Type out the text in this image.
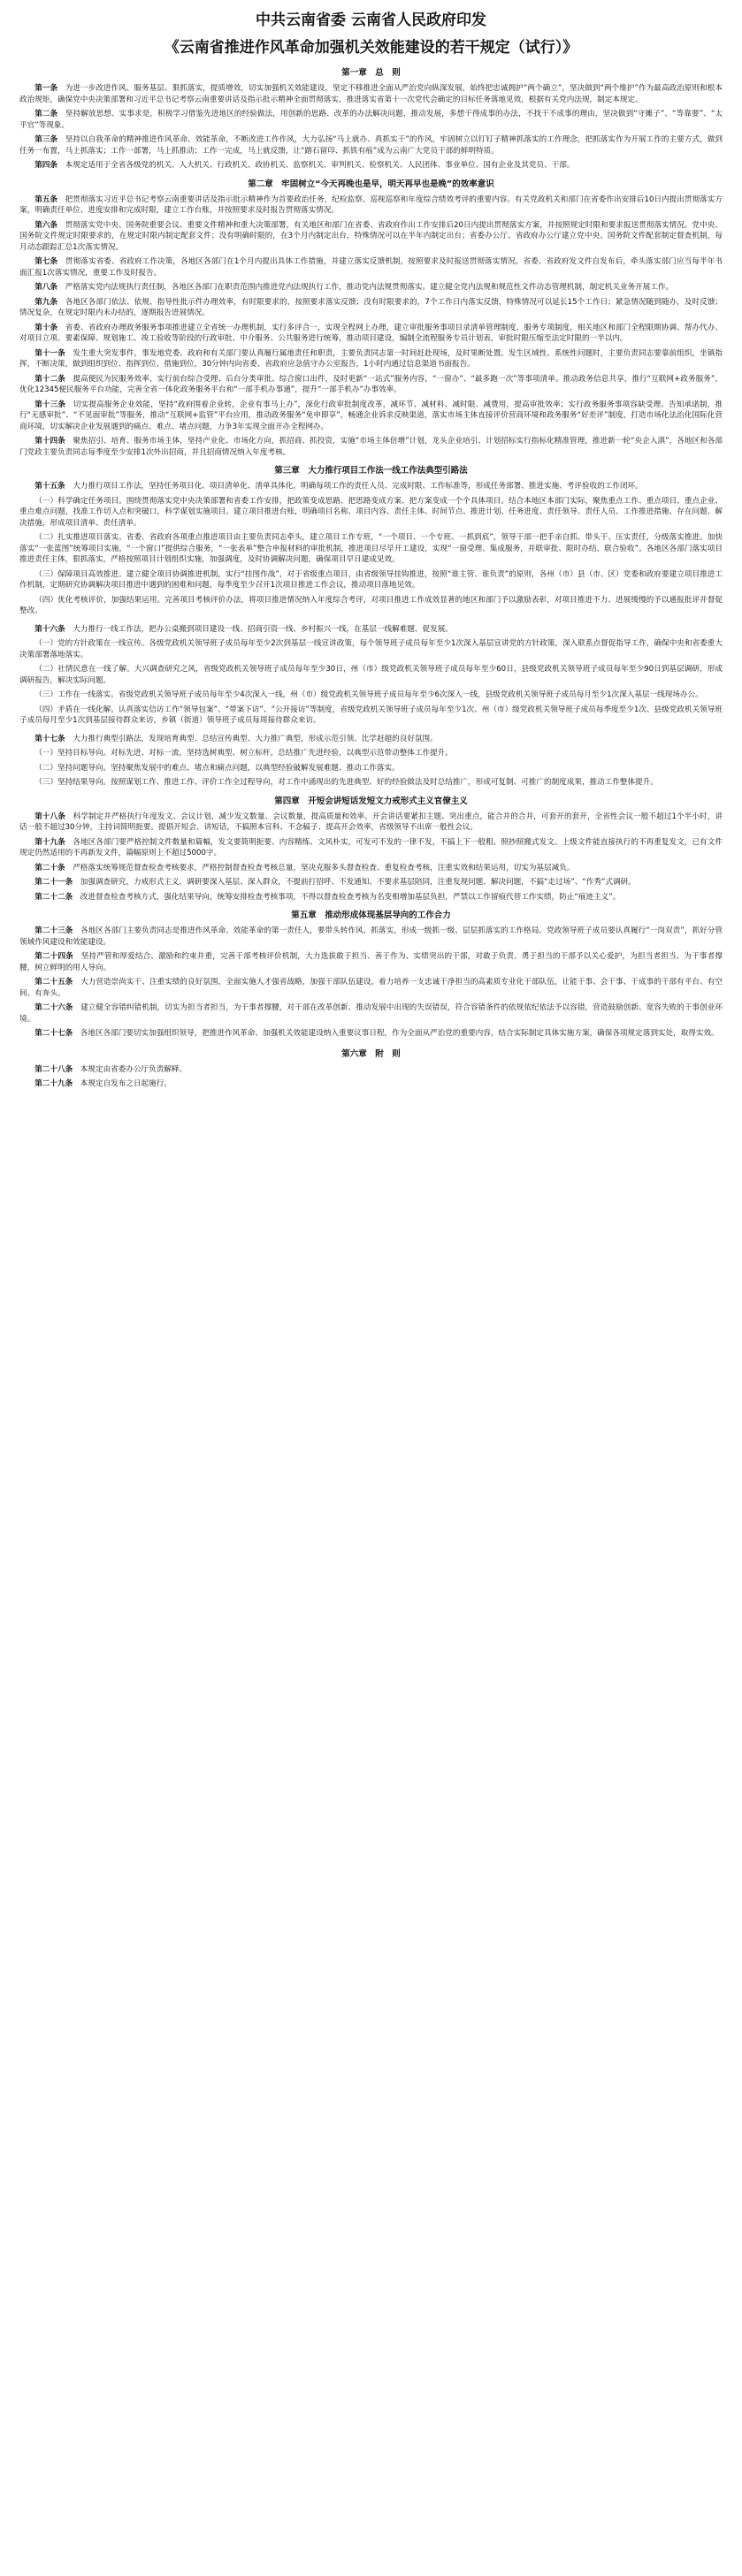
中共云南省委 云南省人民政府印发
《云南省推进作风革命加强机关效能建设的若干规定（试行）》
第一章　总　则

第一条　 为进一步改进作风、服务基层、狠抓落实，提质增效，切实加强机关效能建设，坚定不移推进全面从严治党向纵深发展，始终把忠诚拥护“两个确立”，坚决做到“两个维护”作为最高政治原则和根本政治规矩，确保党中央决策部署和习近平总书记考察云南重要讲话及指示批示精神全面贯彻落实，推进落实省第十一次党代会确定的目标任务落地见效，根据有关党内法规，制定本规定。

第二条　 坚持解放思想、实事求是，积极学习借鉴先进地区的经验做法，用创新的思路、改革的办法解决问题，推动发展，多想干得成事的办法，不找干不成事的理由，坚决做到“守摊子”、“等靠要”、“太平官”等现象。

第三条　 坚持以自我革命的精神推进作风革命、效能革命，不断改进工作作风，大力弘扬“马上就办、真抓实干”的作风，牢固树立以钉钉子精神抓落实的工作理念，把抓落实作为开展工作的主要方式，做到任务一布置，马上抓落实；工作一部署，马上抓推动；工作一完成，马上就反馈，让“踏石留印、抓铁有痕”成为云南广大党员干部的鲜明特质。

第四条　 本规定适用于全省各级党的机关、人大机关、行政机关、政协机关、监察机关、审判机关、检察机关、人民团体、事业单位、国有企业及其党员、干部。

第二章　牢固树立“今天再晚也是早，明天再早也是晚”的效率意识

第五条　 把贯彻落实习近平总书记考察云南重要讲话及指示批示精神作为首要政治任务，纪检监察、巡视巡察和年度综合绩效考评的重要内容。有关党政机关和部门在省委作出安排后10日内提出贯彻落实方案，明确责任单位、进度安排和完成时限，建立工作台账，并按照要求及时报告贯彻落实情况。

第六条　 贯彻落实党中央、国务院重要会议、重要文件精神和重大决策部署，有关地区和部门在省委、省政府作出工作安排后20日内提出贯彻落实方案，并按照规定时限和要求报送贯彻落实情况。党中央、国务院文件规定时限要求的，在规定时限内制定配套文件；没有明确时限的，在3个月内制定出台，特殊情况可以在半年内制定出台；省委办公厅、省政府办公厅建立党中央、国务院文件配套制定督查机制，每月动态跟踪汇总1次落实情况。

第七条　 贯彻落实省委、省政府工作决策，各地区各部门在1个月内提出具体工作措施，并建立落实反馈机制，按照要求及时报送贯彻落实情况。省委、省政府发文件自发布后，牵头落实部门应当每半年书面汇报1次落实情况，重要工作及时报告。

第八条　 严格落实党内法规执行责任制，各地区各部门在职责范围内推进党内法规执行工作，推动党内法规贯彻落实。建立健全党内法规和规范性文件动态管理机制，制定机关业务开展工作。

第九条　 各地区各部门依法、依规、指导性批示件办理效率，有时限要求的，按照要求落实反馈；没有时限要求的，7个工作日内落实反馈，特殊情况可以延长15个工作日；紧急情况随到随办，及时反馈；情况复杂，在规定时限内未办结的，逐期报告进展情况。

第十条　 省委、省政府办理政务服务事项推进建立全省统一办理机制，实行多评合一，实现全程网上办理，建立审批服务事项目录清单管理制度，服务专项制度，相关地区和部门全程限期协调、帮办代办、对项目立项、要素保障、规划施工、竣工验收等阶段的行政审批、中介服务、公共服务进行统筹，推动项目建设，编制全流程服务专员计划表，审批时限压缩至法定时限的一半以内。

第十一条　 发生重大突发事件，事发地党委、政府和有关部门要认真履行属地责任和职责，主要负责同志第一时间赶赴现场，及时果断处置。发生区域性、系统性问题时，主要负责同志要靠前组织，坐镇指挥，不断决策，做到组织到位、指挥到位、措施到位，30分钟内向省委、省政府应急值守办公室报告，1小时内通过信息渠道书面报告。

第十二条　 提高便民为民服务效率，实行前台综合受理、后台分类审批、综合窗口出件，及时更新“一站式”服务内容，“一窗办”、“最多跑一次”等事项清单。推动政务信息共享，推行“互联网+政务服务”，优化12345便民服务平台功能，完善全省一体化政务服务平台和“一部手机办事通”，提升“一部手机办”办事效率。

第十三条　 切实提高服务企业效能，坚持“政府围着企业转，企业有事马上办”，深化行政审批制度改革，减环节、减材料、减时限、减费用，提高审批效率；实行政务服务事项容缺受理、告知承诺制，推行“无感审批”、“不见面审批”等服务，推动“互联网+监管”平台应用，推动政务服务“免申即享”，畅通企业诉求反映渠道，落实市场主体直接评价营商环境和政务服务“好差评”制度，打造市场化法治化国际化营商环境，切实解决企业发展遇到的痛点、难点、堵点问题，力争3年实现全面开办全程网办。

第十四条　 聚焦招引、培育、服务市场主体，坚持产业化、市场化方向，抓招商、抓投资，实施“市场主体倍增”计划，龙头企业培引、计划招标实行指标化精准管理，推进新一轮“央企入滇”，各地区和各部门党政主要负责同志每季度至少安排1次外出招商，并且招商情况纳入年度考核。

第三章　大力推行项目工作法一线工作法典型引路法

第十五条　 大力推行项目工作法，坚持任务项目化、项目清单化、清单具体化，明确每项工作的责任人员、完成时限、工作标准等，形成任务部署、推进实施、考评验收的工作闭环。

（一）科学确定任务项目。围绕贯彻落实党中央决策部署和省委工作安排，把政策变成思路、把思路变成方案、把方案变成一个个具体项目。结合本地区本部门实际，聚焦重点工作、重点项目、重点企业、重点难点问题，找准工作切入点和突破口，科学谋划实施项目。建立项目推进台账，明确项目名称、项目内容、责任主体、时间节点、推进计划、任务进度、责任领导、责任人员、工作推进措施、存在问题、解决措施，形成项目清单、责任清单。

（二）扎实推进项目落实。省委、省政府各项重点推进项目由主要负责同志牵头，建立项目工作专班，“一个项目、一个专班、一抓到底”，领导干部一把手亲自抓、带头干、压实责任，分级落实推进。加快落实“一张蓝图”统筹项目实施，“一个窗口”提供综合服务，“一张表单”整合申报材料的审批机制，推进项目尽早开工建设，实现“一窗受理、集成服务，并联审批、限时办结、联合验收”。各地区各部门落实项目推进责任主体，狠抓落实，严格按照项目计划组织实施，加强调度，及时协调解决问题，确保项目早日建成见效。

（三）保障项目高效推进。建立健全项目协调推进机制，实行“挂图作战”，对于省级重点项目，由省级领导挂钩推进，按照“谁主管、谁负责”的原则，各州（市）县（市、区）党委和政府要建立项目推进工作机制，定期研究协调解决项目推进中遇到的困难和问题，每季度至少召开1次项目推进工作会议，推动项目落地见效。

（四）优化考核评价，加强结果运用。完善项目考核评价办法，将项目推进情况纳入年度综合考评，对项目推进工作成效显著的地区和部门予以激励表彰，对项目推进不力、进展缓慢的予以通报批评并督促整改。

第十六条　 大力推行一线工作法，把办公桌搬到项目建设一线、招商引资一线、乡村振兴一线，在基层一线解难题、促发展。

（一）党的方针政策在一线宣传。各级党政机关领导班子成员每年至少2次到基层一线宣讲政策，每个领导班子成员每年至少1次深入基层宣讲党的方针政策，深入联系点督促指导工作，确保中央和省委重大决策部署落地落实。

（二）社情民意在一线了解。大兴调查研究之风，省级党政机关领导班子成员每年至少30日，州（市）级党政机关领导班子成员每年至少60日，县级党政机关领导班子成员每年至少90日到基层调研，形成调研报告，解决实际问题。

（三）工作在一线落实。省级党政机关领导班子成员每年至少4次深入一线，州（市）级党政机关领导班子成员每年至少6次深入一线，县级党政机关领导班子成员每月至少1次深入基层一线现场办公。

（四）矛盾在一线化解。认真落实信访工作“领导包案”、“带案下访”、“公开接访”等制度，省级党政机关领导班子成员每年至少1次、州（市）级党政机关领导班子成员每季度至少1次、县级党政机关领导班子成员每月至少1次到基层接待群众来访，乡镇（街道）领导班子成员每周接待群众来访。

第十七条　 大力推行典型引路法，发现培育典型、总结宣传典型、大力推广典型，形成示范引领、比学赶超的良好氛围。

（一）坚持目标导向。对标先进、对标一流，坚持选树典型、树立标杆，总结推广先进经验，以典型示范带动整体工作提升。

（二）坚持问题导向。坚持聚焦发展中的难点、堵点和痛点问题，以典型经验破解发展难题、推动工作落实。

（三）坚持结果导向。按照谋划工作、推进工作、评价工作全过程导向，对工作中涌现出的先进典型、好的经验做法及时总结推广，形成可复制、可推广的制度成果，推动工作整体提升。

第四章　开短会讲短话发短文力戒形式主义官僚主义

第十八条　 科学制定并严格执行年度发文、会议计划，减少发文数量、会议数量，提高质量和效率。开会讲话要紧扣主题、突出重点，能合并的合并，可套开的套开，全省性会议一般不超过1个半小时，讲话一般不超过30分钟，主持词简明扼要。提倡开短会、讲短话，不搞照本宣科、不念稿子、提高开会效率，省级领导不出席一般性会议。

第十九条　 各地区各部门要严格控制文件数量和篇幅，发文要简明扼要、内容精练、文风朴实，可发可不发的一律不发，不搞上下一般粗、照抄照搬式发文。上级文件能直接执行的不再重复发文，已有文件规定仍然适用的不再新发文件，篇幅原则上不超过5000字。

第二十条　 严格落实统筹规范督查检查考核要求，严格控制督查检查考核总量，坚决克服多头督查检查、重复检查考核，注重实效和结果运用，切实为基层减负。

第二十一条　 加强调查研究，力戒形式主义，调研要深入基层、深入群众，不提前打招呼、不发通知、不要求基层陪同，注重发现问题、解决问题，不搞“走过场”、“作秀”式调研。

第二十二条　 改进督查检查考核方式，强化结果导向，统筹安排检查考核事项，不得以督查检查考核为名变相增加基层负担，严禁以工作留痕代替工作实绩，防止“痕迹主义”。

第五章　推动形成体现基层导向的工作合力

第二十三条　 各地区各部门主要负责同志是推进作风革命、效能革命的第一责任人，要带头转作风、抓落实，形成一级抓一级、层层抓落实的工作格局。党政领导班子成员要认真履行“一岗双责”，抓好分管领域作风建设和效能建设。

第二十四条　 坚持严管和厚爱结合、激励和约束并重，完善干部考核评价机制，大力选拔敢于担当、善于作为、实绩突出的干部，对敢于负责、勇于担当的干部予以关心爱护，为担当者担当、为干事者撑腰，树立鲜明的用人导向。

第二十五条　 大力营造崇尚实干、注重实绩的良好氛围，全面实施人才强省战略，加强干部队伍建设，着力培养一支忠诚干净担当的高素质专业化干部队伍，让能干事、会干事、干成事的干部有平台、有空间、有奔头。

第二十六条　 建立健全容错纠错机制，切实为担当者担当，为干事者撑腰，对干部在改革创新、推动发展中出现的失误错误，符合容错条件的依规依纪依法予以容错，营造鼓励创新、宽容失败的干事创业环境。

第二十七条　 各地区各部门要切实加强组织领导，把推进作风革命、加强机关效能建设纳入重要议事日程，作为全面从严治党的重要内容，结合实际制定具体实施方案，确保各项规定落到实处，取得实效。

第六章　附　则

第二十八条　 本规定由省委办公厅负责解释。

第二十九条　 本规定自发布之日起施行。
